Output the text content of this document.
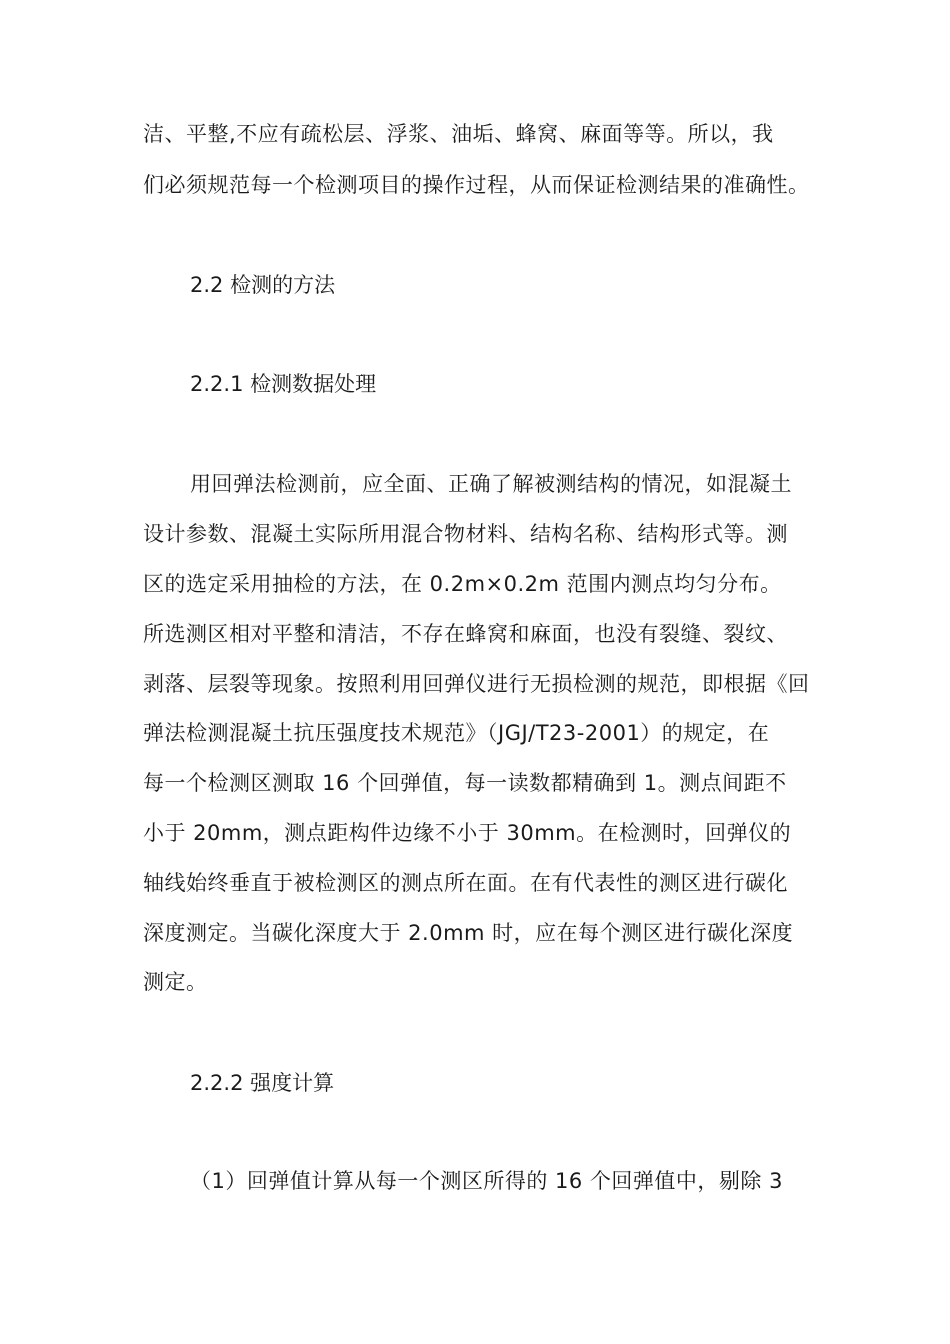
洁、平整,不应有疏松层、浮浆、油垢、蜂窝、麻面等等。所以，我
们必须规范每一个检测项目的操作过程，从而保证检测结果的准确性。
2.2 检测的方法
2.2.1 检测数据处理
用回弹法检测前，应全面、正确了解被测结构的情况，如混凝土
设计参数、混凝土实际所用混合物材料、结构名称、结构形式等。测
区的选定采用抽检的方法，在 0.2m×0.2m 范围内测点均匀分布。
所选测区相对平整和清洁，不存在蜂窝和麻面，也没有裂缝、裂纹、
剥落、层裂等现象。按照利用回弹仪进行无损检测的规范，即根据《回
弹法检测混凝土抗压强度技术规范》（JGJ/T23-2001）的规定，在
每一个检测区测取 16 个回弹值，每一读数都精确到 1。测点间距不
小于 20mm，测点距构件边缘不小于 30mm。在检测时，回弹仪的
轴线始终垂直于被检测区的测点所在面。在有代表性的测区进行碳化
深度测定。当碳化深度大于 2.0mm 时，应在每个测区进行碳化深度
测定。
2.2.2 强度计算
（1）回弹值计算从每一个测区所得的 16 个回弹值中，剔除 3
